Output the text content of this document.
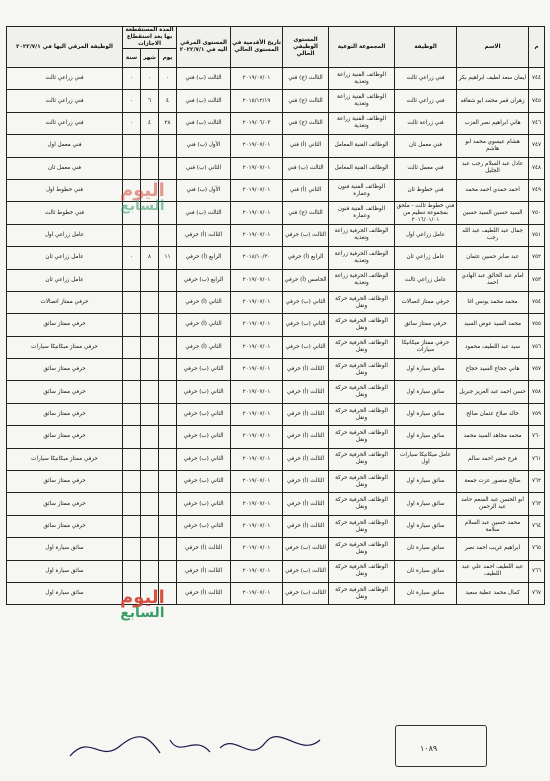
م	الاسم	الوظيفة	المجموعة النوعية	المستوى الوظيفي الحالي	تاريخ الأقدمية في المستوى الحالي	المستوى المرقي اليه في ٢٠٢٢/٧/١	المدة المستقطعة بها بعد استقطاع الاجازات			الوظيفة المرقي اليها في ٢٠٢٢/٧/١
							يوم	شهر	سنة	
٧٤٤	ايمان سعد لطيف ابراهيم بكر	فني زراعي ثالث	الوظائف الفنية زراعة وتغذية	الثالث (ج) فني	٢٠١٩/٠٧/٠١	الثالث (ب) فني	٠	٠	٠	فني زراعي ثالث
٧٤٥	زهران قمر محمد ابو شقاقه	فني زراعي ثالث	الوظائف الفنية زراعة وتغذية	الثالث (ج) فني	٢٠١٥/١٢/١٩	الثالث (ب) فني	٤	٦	٠	فني زراعي ثالث
٧٤٦	هاني ابراهيم نصر العزب	فني زراعة ثالث	الوظائف الفنية زراعة وتغذية	الثالث (ج) فني	٢٠١٩/٠٦/٠٣	الثالث (ب) فني	٢٨	٤	٠	فني زراعي ثالث
٧٤٧	هشام عيسوي محمد ابو هاشم	فني معمل ثان	الوظائف الفنية المعامل	الثاني (أ) فني	٢٠١٩/٠٧/٠١	الأول (ب) فني				فني معمل اول
٧٤٨	عادل عبد السلام رجب عبد الجليل	فني معمل ثالث	الوظائف الفنية المعامل	الثالث (ب) فني	٢٠١٩/٠٧/٠١	الثاني (ب) فني				فني معمل ثان
٧٤٩	احمد حمدي احمد محمد	فني خطوط ثان	الوظائف الفنية فنون وعمارة	الثاني (أ) فني	٢٠١٩/٠٧/٠١	الأول (ب) فني				فني خطوط اول
٧٥٠	السيد حسين السيد حسين	فني خطوط ثالث - ملحق بمجموعة تنظيم من ٢٠١٦/٠١/٠١	الوظائف الفنية فنون وعمارة	الثالث (ج) فني	٢٠١٩/٠٧/٠١	الثالث (ب) فني				فني خطوط ثالث
٧٥١	جمال عبد اللطيف عبد الله رجب	عامل زراعي اول	الوظائف الحرفية زراعة وتغذية	الثالث (ب) حرفي	٢٠١٩/٠٧/٠١	الثالث (أ) حرفي				عامل زراعي اول
٧٥٢	عبد صابر حسين عثمان	عامل زراعي ثان	الوظائف الحرفية زراعة وتغذية	الرابع (أ) حرفي	٢٠١٨/١٠/٣٠	الرابع (أ) حرفي	١١	٨	٠	عامل زراعي ثان
٧٥٣	امام عبد الخالق عبد الهادي احمد	عامل زراعي ثالث	الوظائف الحرفية زراعة وتغذية	الخامس (أ) حرفي	٢٠١٩/٠٧/٠١	الرابع (ب) حرفي				عامل زراعي ثان
٧٥٤	محمد محمد يونس اغا	حرفي ممتاز اتصالات	الوظائف الحرفية حركة ونقل	الثاني (ب) حرفي	٢٠١٩/٠٧/٠١	الثاني (أ) حرفي				حرفي ممتاز اتصالات
٧٥٥	محمد السيد عوض السيد	حرفي ممتاز سائق	الوظائف الحرفية حركة ونقل	الثاني (ب) حرفي	٢٠١٩/٠٧/٠١	الثاني (أ) حرفي				حرفي ممتاز سائق
٧٥٦	سيد عبد اللطيف محمود	حرفي ممتاز ميكانيكا سيارات	الوظائف الحرفية حركة ونقل	الثاني (ب) حرفي	٢٠١٩/٠٧/٠١	الثاني (أ) حرفي				حرفي ممتاز ميكانيكا سيارات
٧٥٧	هاني حجاج السيد حجاج	سائق سيارة اول	الوظائف الحرفية حركة ونقل	الثالث (أ) حرفي	٢٠١٩/٠٧/٠١	الثاني (ب) حرفي				حرفي ممتاز سائق
٧٥٨	حسن احمد عبد العزيز جبريل	سائق سيارة اول	الوظائف الحرفية حركة ونقل	الثالث (أ) حرفي	٢٠١٩/٠٧/٠١	الثاني (ب) حرفي				حرفي ممتاز سائق
٧٥٩	خالد صلاح عثمان صالح	سائق سيارة اول	الوظائف الحرفية حركة ونقل	الثالث (أ) حرفي	٢٠١٩/٠٧/٠١	الثاني (ب) حرفي				حرفي ممتاز سائق
٧٦٠	محمد مجاهد السيد محمد	سائق سيارة اول	الوظائف الحرفية حركة ونقل	الثالث (أ) حرفي	٢٠١٩/٠٧/٠١	الثاني (ب) حرفي				حرفي ممتاز سائق
٧٦١	فرج خضر احمد سالم	عامل ميكانيكا سيارات اول	الوظائف الحرفية حركة ونقل	الثالث (أ) حرفي	٢٠١٩/٠٧/٠١	الثاني (ب) حرفي				حرفي ممتاز ميكانيكا سيارات
٧٦٢	صالح منصور عزت جمعة	سائق سيارة اول	الوظائف الحرفية حركة ونقل	الثالث (أ) حرفي	٢٠١٩/٠٧/٠١	الثاني (ب) حرفي				حرفي ممتاز سائق
٧٦٣	ابو الحسن عبد المنعم حامد عبد الرحمن	سائق سيارة اول	الوظائف الحرفية حركة ونقل	الثالث (أ) حرفي	٢٠١٩/٠٧/٠١	الثاني (ب) حرفي				حرفي ممتاز سائق
٧٦٤	محمد حسين عبد السلام سلامة	سائق سيارة اول	الوظائف الحرفية حركة ونقل	الثالث (أ) حرفي	٢٠١٩/٠٧/٠١	الثاني (ب) حرفي				حرفي ممتاز سائق
٧٦٥	ابراهيم غريب احمد نصر	سائق سيارة ثان	الوظائف الحرفية حركة ونقل	الثالث (ب) حرفي	٢٠١٩/٠٧/٠١	الثالث (أ) حرفي				سائق سيارة اول
٧٦٦	عبد اللطيف احمد علي عبد اللطيف	سائق سيارة ثان	الوظائف الحرفية حركة ونقل	الثالث (ب) حرفي	٢٠١٩/٠٧/٠١	الثالث (أ) حرفي				سائق سيارة اول
٧٦٧	كمال محمد عطية سعيد	سائق سيارة ثان	الوظائف الحرفية حركة ونقل	الثالث (ب) حرفي	٢٠١٩/٠٧/٠١	الثالث (أ) حرفي				سائق سيارة اول
اليوم
السابع
اليوم
السابع
١٠٨٩
